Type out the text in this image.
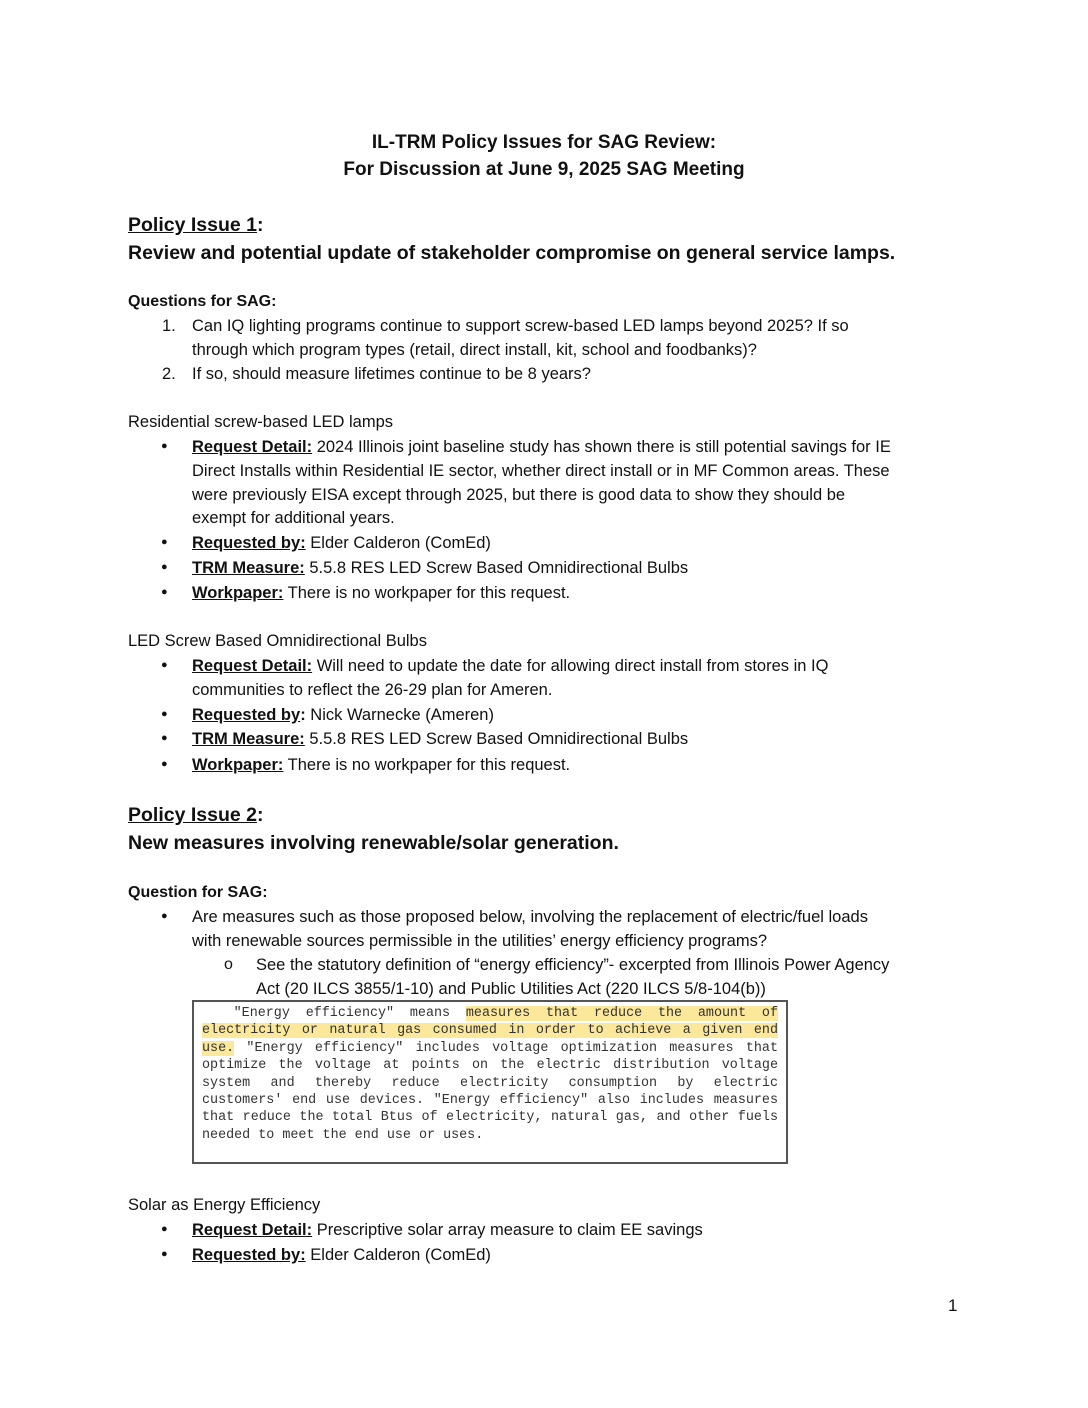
IL-TRM Policy Issues for SAG Review:
For Discussion at June 9, 2025 SAG Meeting
Policy Issue 1:
Review and potential update of stakeholder compromise on general service lamps.
Questions for SAG:
1. Can IQ lighting programs continue to support screw-based LED lamps beyond 2025? If so
through which program types (retail, direct install, kit, school and foodbanks)?
2. If so, should measure lifetimes continue to be 8 years?
Residential screw-based LED lamps
●
Request Detail: 2024 Illinois joint baseline study has shown there is still potential savings for IE
Direct Installs within Residential IE sector, whether direct install or in MF Common areas. These
were previously EISA except through 2025, but there is good data to show they should be
exempt for additional years.
●
Requested by: Elder Calderon (ComEd)
●
TRM Measure: 5.5.8 RES LED Screw Based Omnidirectional Bulbs
●
Workpaper: There is no workpaper for this request.
LED Screw Based Omnidirectional Bulbs
●
Request Detail: Will need to update the date for allowing direct install from stores in IQ
communities to reflect the 26-29 plan for Ameren.
●
Requested by: Nick Warnecke (Ameren)
●
TRM Measure: 5.5.8 RES LED Screw Based Omnidirectional Bulbs
●
Workpaper: There is no workpaper for this request.
Policy Issue 2:
New measures involving renewable/solar generation.
Question for SAG:
●
Are measures such as those proposed below, involving the replacement of electric/fuel loads
with renewable sources permissible in the utilities’ energy efficiency programs?
o See the statutory definition of “energy efficiency”- excerpted from Illinois Power Agency
Act (20 ILCS 3855/1-10) and Public Utilities Act (220 ILCS 5/8-104(b))
"Energy efficiency" means measures that reduce the amount of electricity or natural gas consumed in order to achieve a given end use. "Energy efficiency" includes voltage optimization measures that optimize the voltage at points on the electric distribution voltage system and thereby reduce electricity consumption by electric customers' end use devices. "Energy efficiency" also includes measures that reduce the total Btus of electricity, natural gas, and other fuels needed to meet the end use or uses.
Solar as Energy Efficiency
●
Request Detail: Prescriptive solar array measure to claim EE savings
●
Requested by: Elder Calderon (ComEd)
1
